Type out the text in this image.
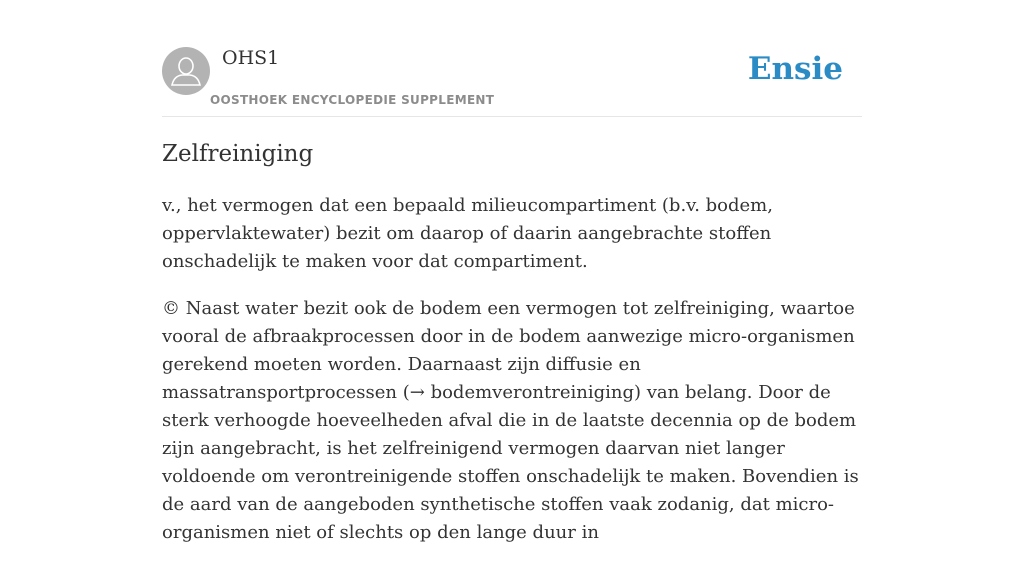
OHS1
OOSTHOEK ENCYCLOPEDIE SUPPLEMENT
Ensie
Zelfreiniging

v., het vermogen dat een bepaald milieucompartiment (b.v. bodem, oppervlaktewater) bezit om daarop of daarin aangebrachte stoffen onschadelijk te maken voor dat compartiment.

© Naast water bezit ook de bodem een vermogen tot zelfreiniging, waartoe vooral de afbraakprocessen door in de bodem aanwezige micro-organismen gerekend moeten worden. Daarnaast zijn diffusie en massatransportprocessen (→ bodemverontreiniging) van belang. Door de sterk verhoogde hoeveelheden afval die in de laatste decennia op de bodem zijn aangebracht, is het zelfreinigend vermogen daarvan niet langer voldoende om verontreinigende stoffen onschadelijk te maken. Bovendien is de aard van de aangeboden synthetische stoffen vaak zodanig, dat micro-organismen niet of slechts op den lange duur in
